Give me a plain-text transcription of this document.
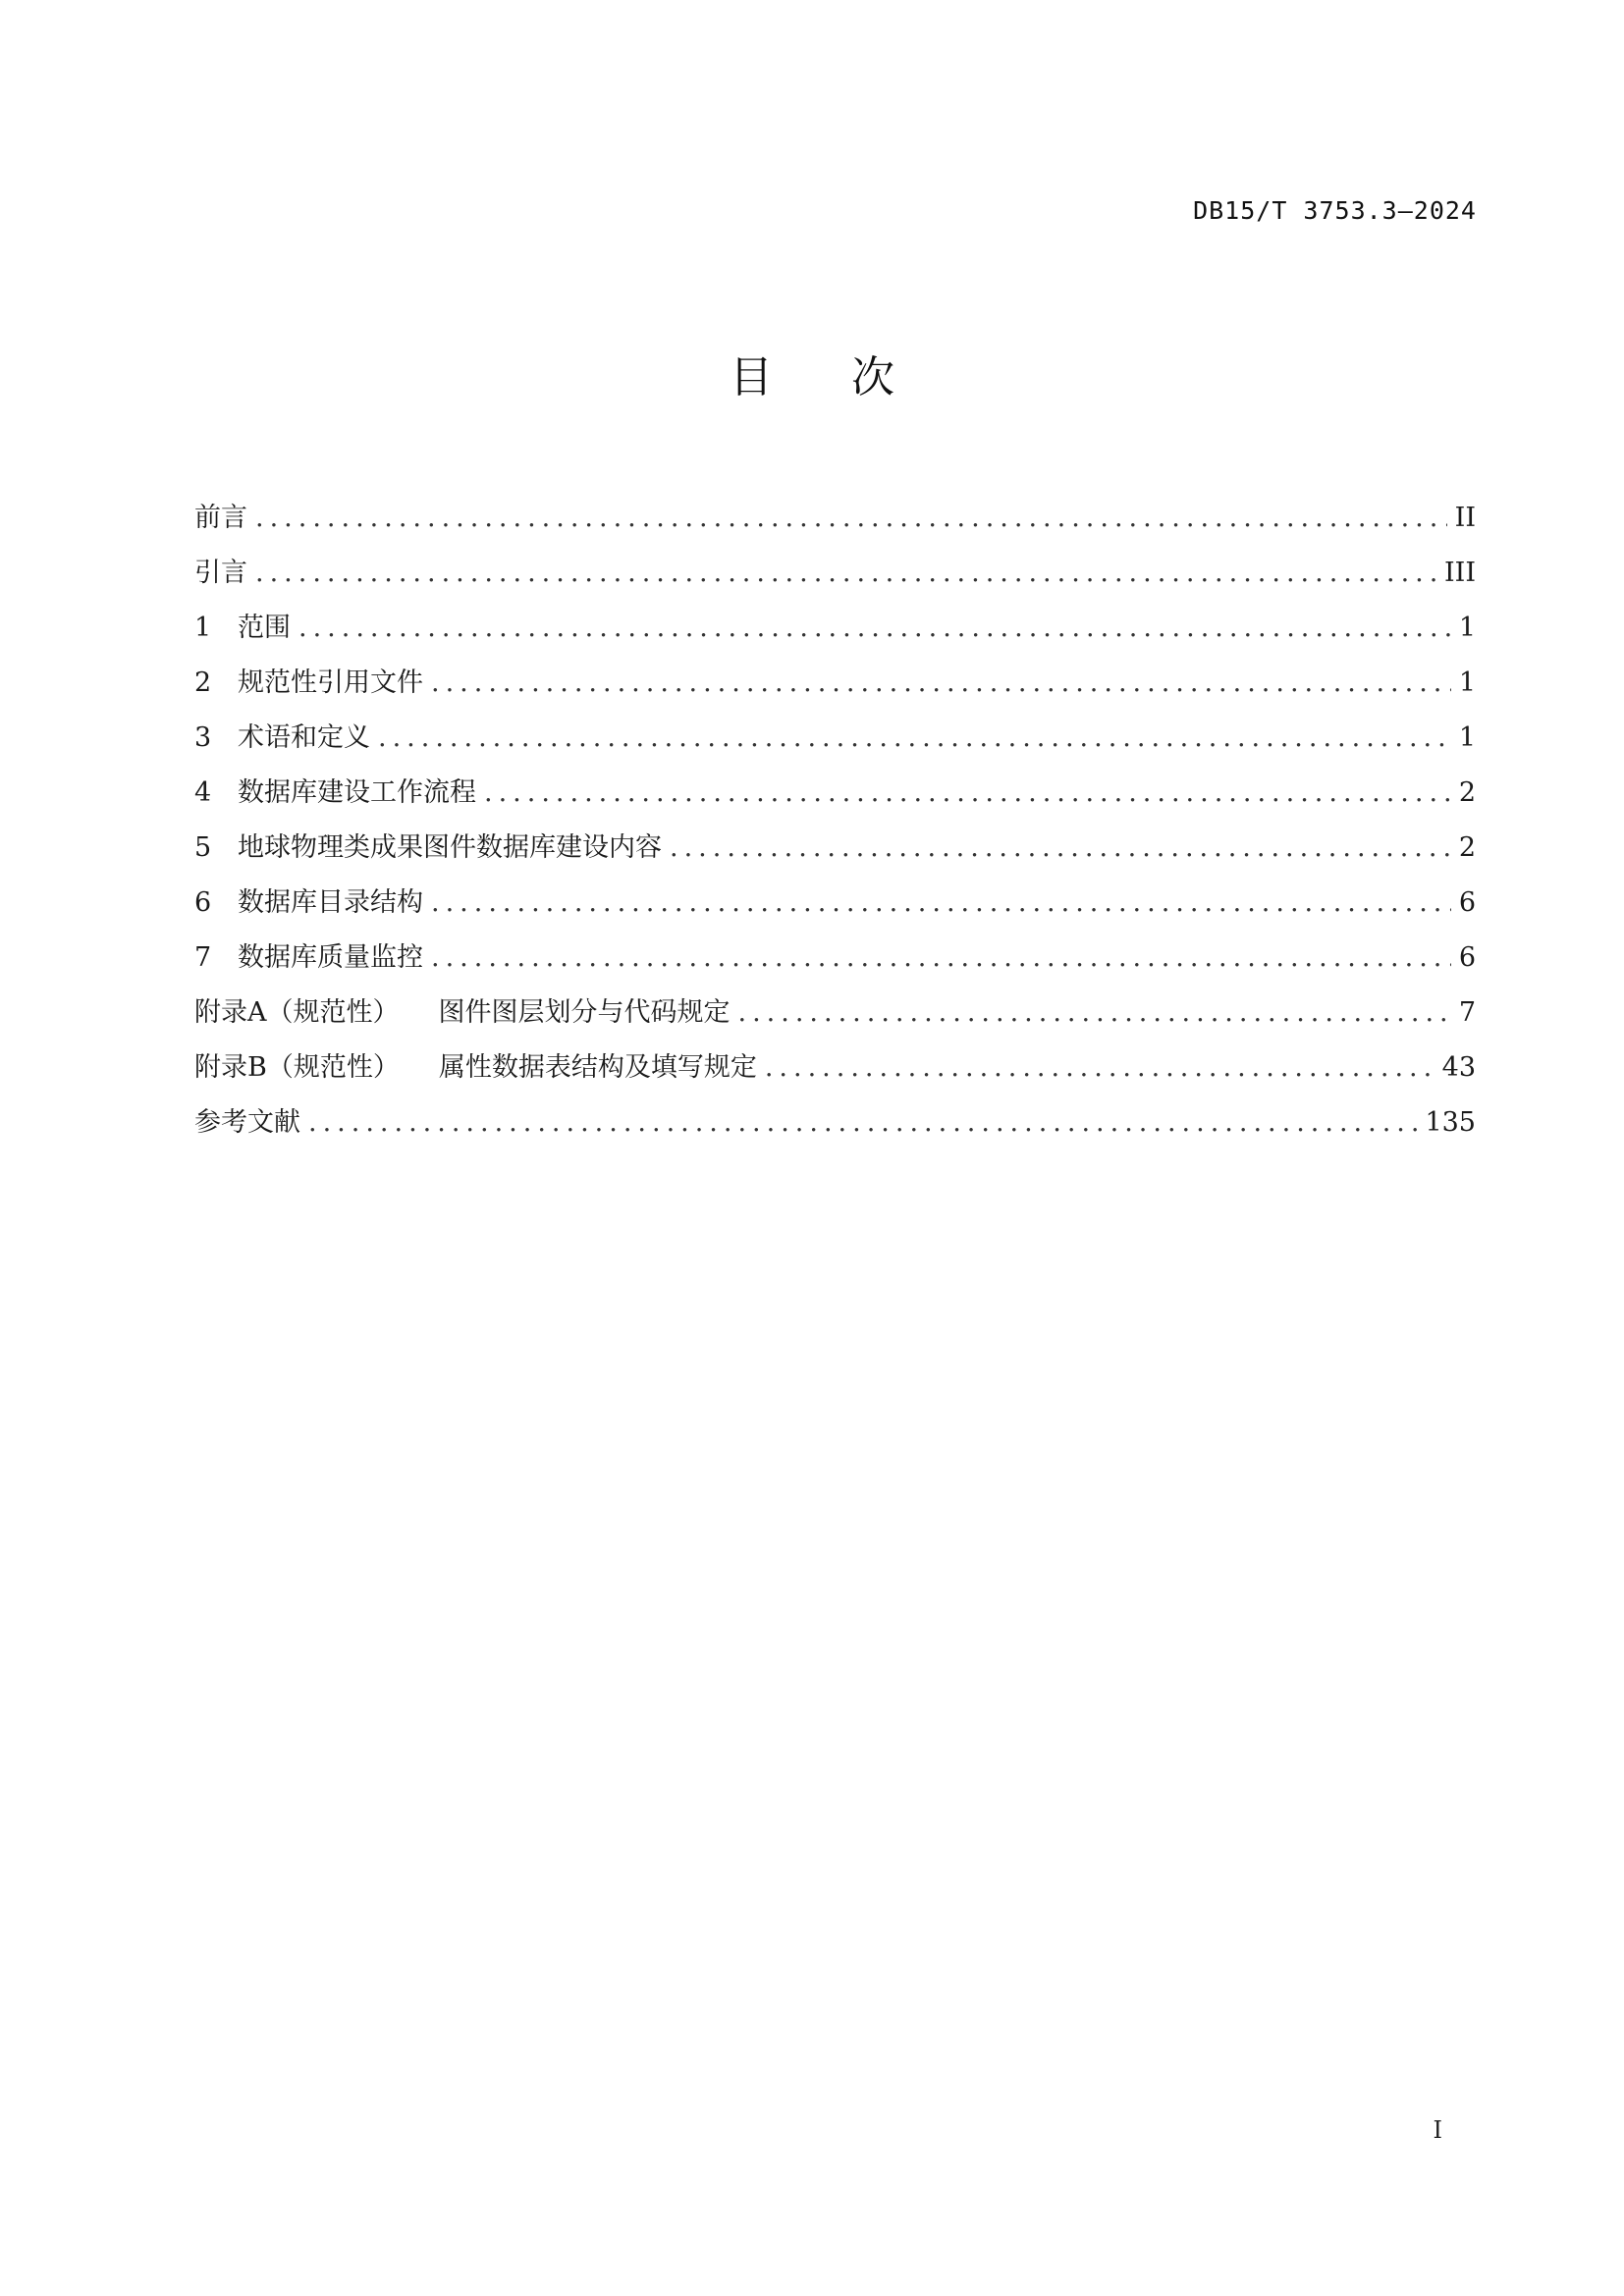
DB15/T 3753.3—2024
目次
前言 .....	II
引言 .....	III
1 范围 .....	1
2 规范性引用文件 .....	1
3 术语和定义 .....	1
4 数据库建设工作流程 .....	2
5 地球物理类成果图件数据库建设内容 .....	2
6 数据库目录结构 .....	6
7 数据库质量监控 .....	6
附录A（规范性） 图件图层划分与代码规定 .....	7
附录B（规范性） 属性数据表结构及填写规定 .....	43
参考文献 .....	135
I
